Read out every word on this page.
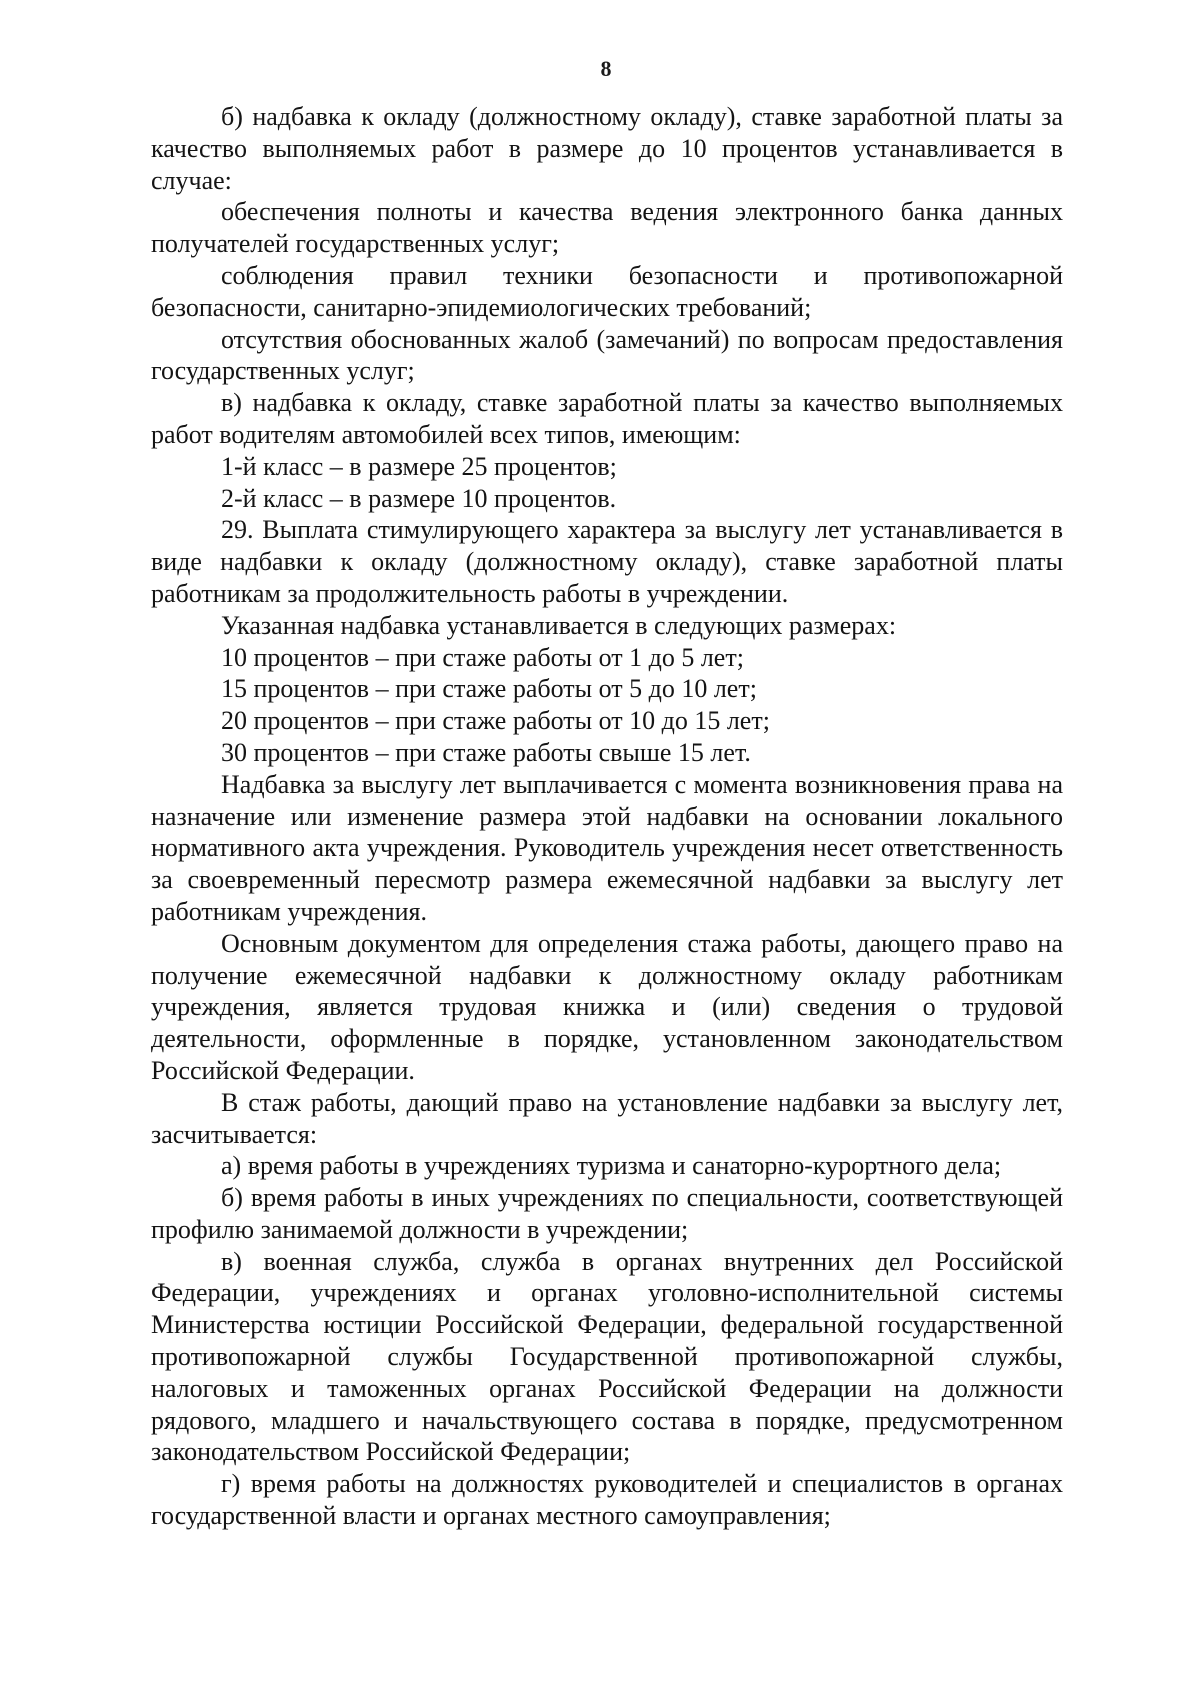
8

б) надбавка к окладу (должностному окладу), ставке заработной платы за качество выполняемых работ в размере до 10 процентов устанавливается в случае:

обеспечения полноты и качества ведения электронного банка данных получателей государственных услуг;

соблюдения правил техники безопасности и противопожарной безопасности, санитарно-эпидемиологических требований;

отсутствия обоснованных жалоб (замечаний) по вопросам предоставления государственных услуг;

в) надбавка к окладу, ставке заработной платы за качество выполняемых работ водителям автомобилей всех типов, имеющим:

1-й класс – в размере 25 процентов;

2-й класс – в размере 10 процентов.

29. Выплата стимулирующего характера за выслугу лет устанавливается в виде надбавки к окладу (должностному окладу), ставке заработной платы работникам за продолжительность работы в учреждении.

Указанная надбавка устанавливается в следующих размерах:

10 процентов – при стаже работы от 1 до 5 лет;

15 процентов – при стаже работы от 5 до 10 лет;

20 процентов – при стаже работы от 10 до 15 лет;

30 процентов – при стаже работы свыше 15 лет.

Надбавка за выслугу лет выплачивается с момента возникновения права на назначение или изменение размера этой надбавки на основании локального нормативного акта учреждения. Руководитель учреждения несет ответственность за своевременный пересмотр размера ежемесячной надбавки за выслугу лет работникам учреждения.

Основным документом для определения стажа работы, дающего право на получение ежемесячной надбавки к должностному окладу работникам учреждения, является трудовая книжка и (или) сведения о трудовой деятельности, оформленные в порядке, установленном законодательством Российской Федерации.

В стаж работы, дающий право на установление надбавки за выслугу лет, засчитывается:

а) время работы в учреждениях туризма и санаторно-курортного дела;

б) время работы в иных учреждениях по специальности, соответствующей профилю занимаемой должности в учреждении;

в) военная служба, служба в органах внутренних дел Российской Федерации, учреждениях и органах уголовно-исполнительной системы Министерства юстиции Российской Федерации, федеральной государственной противопожарной службы Государственной противопожарной службы, налоговых и таможенных органах Российской Федерации на должности рядового, младшего и начальствующего состава в порядке, предусмотренном законодательством Российской Федерации;

г) время работы на должностях руководителей и специалистов в органах государственной власти и органах местного самоуправления;
